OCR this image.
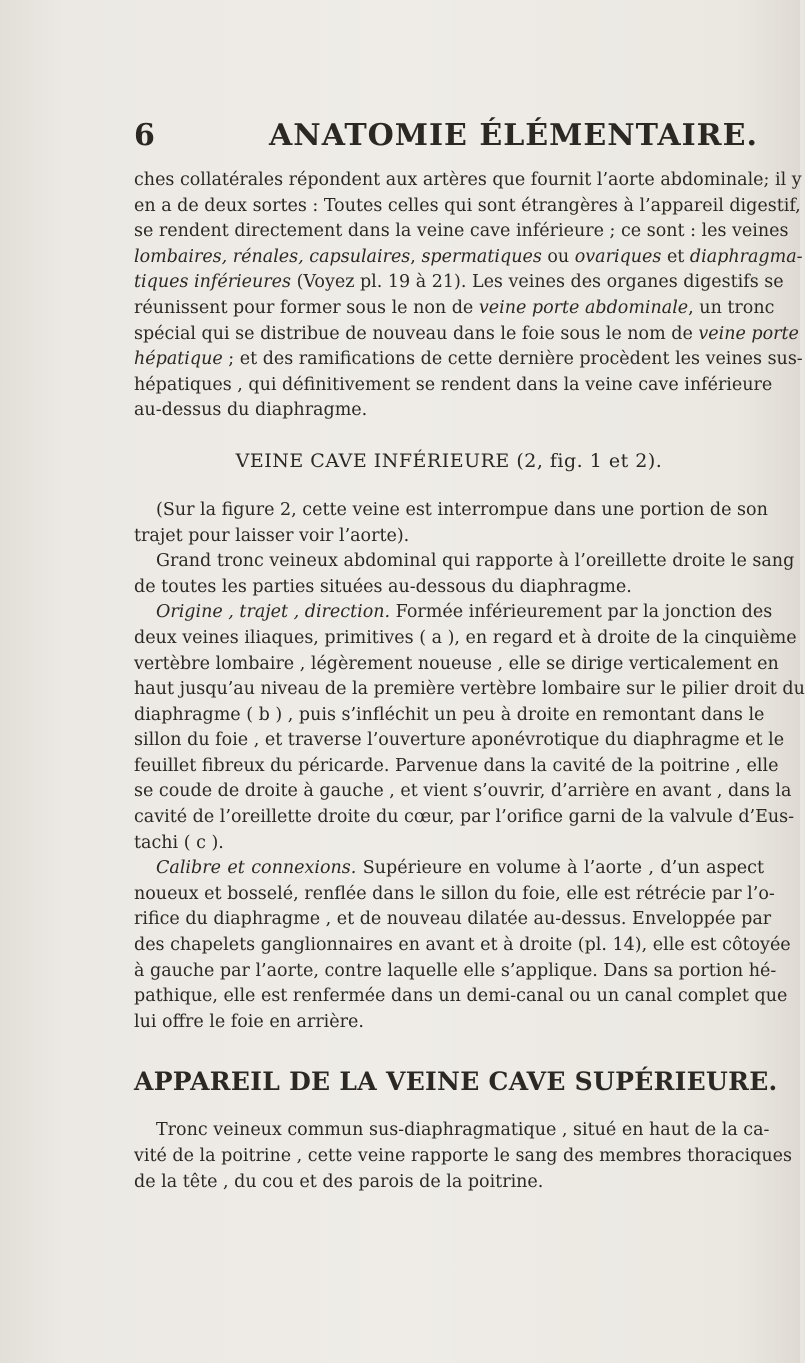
6	ANATOMIE ÉLÉMENTAIRE.
ches collatérales répondent aux artères que fournit l’aorte abdominale; il y
en a de deux sortes : Toutes celles qui sont étrangères à l’appareil digestif,
se rendent directement dans la veine cave inférieure ; ce sont : les veines
lombaires, rénales, capsulaires, spermatiques ou ovariques et diaphragma-
tiques inférieures (Voyez pl. 19 à 21). Les veines des organes digestifs se
réunissent pour former sous le non de veine porte abdominale, un tronc
spécial qui se distribue de nouveau dans le foie sous le nom de veine porte
hépatique ; et des ramifications de cette dernière procèdent les veines sus-
hépatiques , qui définitivement se rendent dans la veine cave inférieure
au-dessus du diaphragme.
VEINE CAVE INFÉRIEURE (2, fig. 1 et 2).
(Sur la figure 2, cette veine est interrompue dans une portion de son
trajet pour laisser voir l’aorte).
Grand tronc veineux abdominal qui rapporte à l’oreillette droite le sang
de toutes les parties situées au-dessous du diaphragme.
Origine , trajet , direction. Formée inférieurement par la jonction des
deux veines iliaques, primitives ( a ), en regard et à droite de la cinquième
vertèbre lombaire , légèrement noueuse , elle se dirige verticalement en
haut jusqu’au niveau de la première vertèbre lombaire sur le pilier droit du
diaphragme ( b ) , puis s’infléchit un peu à droite en remontant dans le
sillon du foie , et traverse l’ouverture aponévrotique du diaphragme et le
feuillet fibreux du péricarde. Parvenue dans la cavité de la poitrine , elle
se coude de droite à gauche , et vient s’ouvrir, d’arrière en avant , dans la
cavité de l’oreillette droite du cœur, par l’orifice garni de la valvule d’Eus-
tachi ( c ).
Calibre et connexions. Supérieure en volume à l’aorte , d’un aspect
noueux et bosselé, renflée dans le sillon du foie, elle est rétrécie par l’o-
rifice du diaphragme , et de nouveau dilatée au-dessus. Enveloppée par
des chapelets ganglionnaires en avant et à droite (pl. 14), elle est côtoyée
à gauche par l’aorte, contre laquelle elle s’applique. Dans sa portion hé-
pathique, elle est renfermée dans un demi-canal ou un canal complet que
lui offre le foie en arrière.
APPAREIL DE LA VEINE CAVE SUPÉRIEURE.
Tronc veineux commun sus-diaphragmatique , situé en haut de la ca-
vité de la poitrine , cette veine rapporte le sang des membres thoraciques
de la tête , du cou et des parois de la poitrine.
